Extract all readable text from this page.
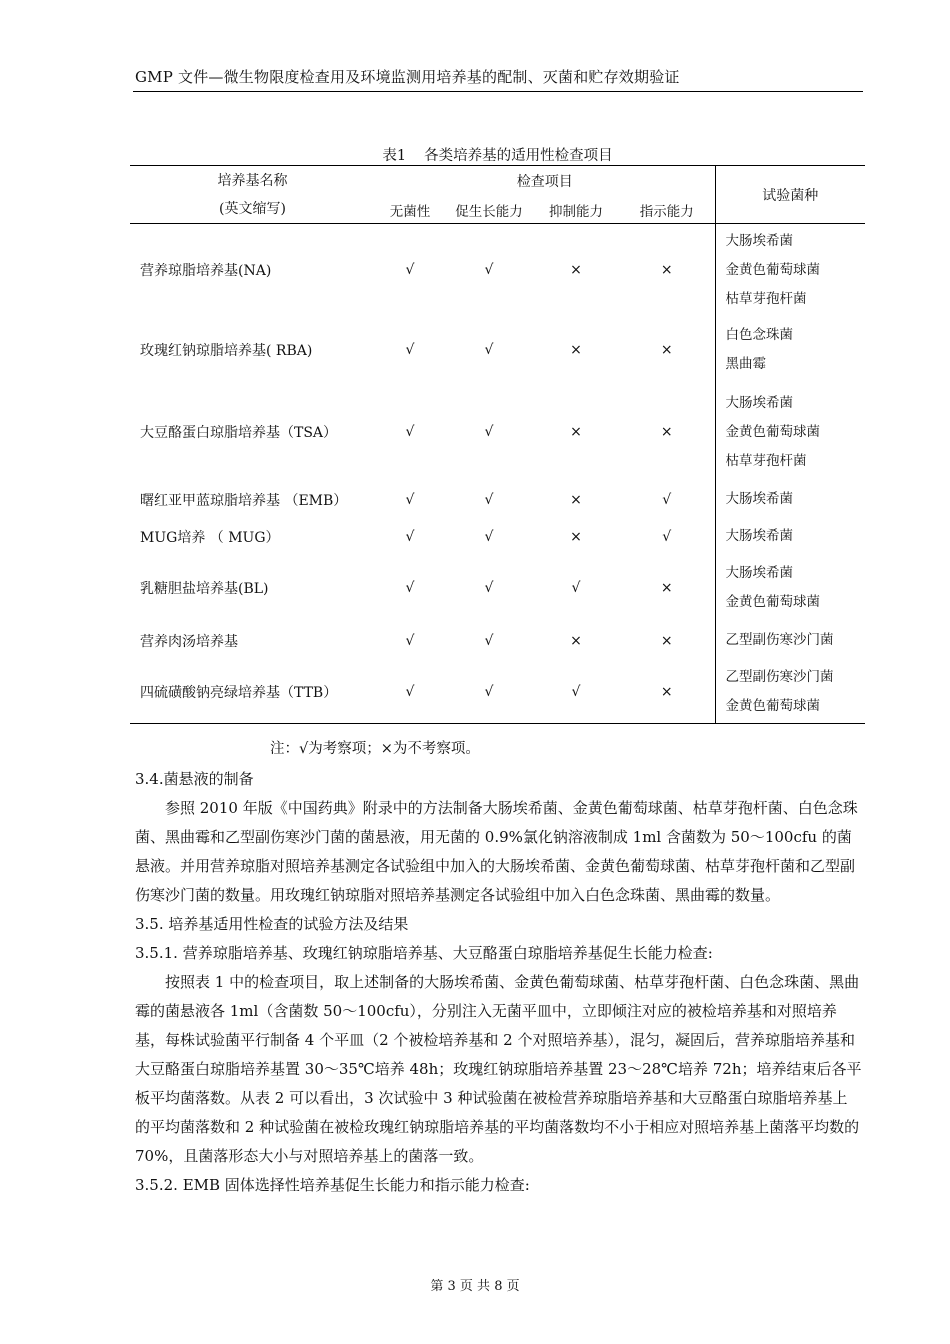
GMP 文件—微生物限度检查用及环境监测用培养基的配制、灭菌和贮存效期验证
表1 各类培养基的适用性检查项目
培养基名称
(英文缩写)	检查项目				试验菌种
	无菌性	促生长能力	抑制能力	指示能力	
营养琼脂培养基(NA)	√	√	×	×	大肠埃希菌
金黄色葡萄球菌
枯草芽孢杆菌

玫瑰红钠琼脂培养基( RBA)	√	√	×	×	白色念珠菌
黑曲霉

大豆酪蛋白琼脂培养基（TSA）	√	√	×	×	大肠埃希菌
金黄色葡萄球菌
枯草芽孢杆菌

曙红亚甲蓝琼脂培养基 （EMB）	√	√	×	√	大肠埃希菌

MUG培养 （ MUG）	√	√	×	√	大肠埃希菌

乳糖胆盐培养基(BL)	√	√	√	×	大肠埃希菌
金黄色葡萄球菌

营养肉汤培养基	√	√	×	×	乙型副伤寒沙门菌

四硫磺酸钠亮绿培养基（TTB）	√	√	√	×	乙型副伤寒沙门菌
金黄色葡萄球菌
注：√为考察项；×为不考察项。

3.4.菌悬液的制备

参照 2010 年版《中国药典》附录中的方法制备大肠埃希菌、金黄色葡萄球菌、枯草芽孢杆菌、白色念珠菌、黑曲霉和乙型副伤寒沙门菌的菌悬液，用无菌的 0.9%氯化钠溶液制成 1ml 含菌数为 50～100cfu 的菌悬液。并用营养琼脂对照培养基测定各试验组中加入的大肠埃希菌、金黄色葡萄球菌、枯草芽孢杆菌和乙型副伤寒沙门菌的数量。用玫瑰红钠琼脂对照培养基测定各试验组中加入白色念珠菌、黑曲霉的数量。

3.5. 培养基适用性检查的试验方法及结果

3.5.1. 营养琼脂培养基、玫瑰红钠琼脂培养基、大豆酪蛋白琼脂培养基促生长能力检查:

按照表 1 中的检查项目，取上述制备的大肠埃希菌、金黄色葡萄球菌、枯草芽孢杆菌、白色念珠菌、黑曲霉的菌悬液各 1ml（含菌数 50～100cfu），分别注入无菌平皿中，立即倾注对应的被检培养基和对照培养基，每株试验菌平行制备 4 个平皿（2 个被检培养基和 2 个对照培养基），混匀，凝固后，营养琼脂培养基和大豆酪蛋白琼脂培养基置 30～35℃培养 48h；玫瑰红钠琼脂培养基置 23～28℃培养 72h；培养结束后各平板平均菌落数。从表 2 可以看出，3 次试验中 3 种试验菌在被检营养琼脂培养基和大豆酪蛋白琼脂培养基上的平均菌落数和 2 种试验菌在被检玫瑰红钠琼脂培养基的平均菌落数均不小于相应对照培养基上菌落平均数的 70%，且菌落形态大小与对照培养基上的菌落一致。

3.5.2. EMB 固体选择性培养基促生长能力和指示能力检查:

第 3 页 共 8 页
